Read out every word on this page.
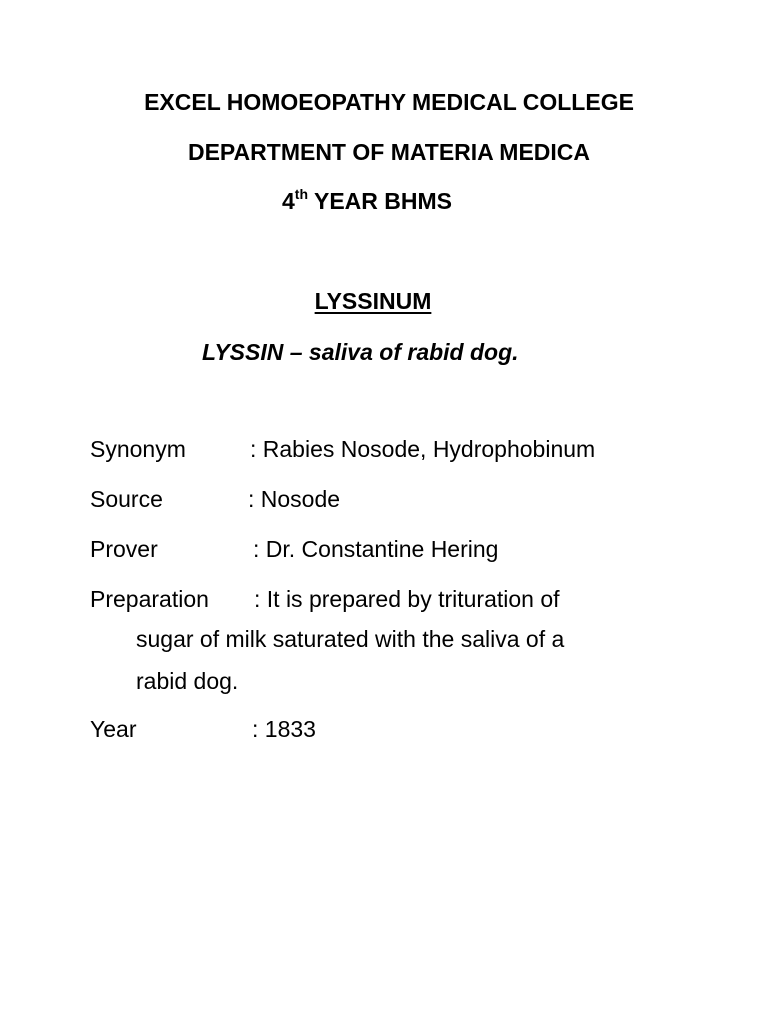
EXCEL HOMOEOPATHY MEDICAL COLLEGE
DEPARTMENT OF MATERIA MEDICA
4th YEAR BHMS
LYSSINUM
LYSSIN – saliva of rabid dog.
Synonym	: Rabies Nosode, Hydrophobinum
Source	: Nosode
Prover	: Dr. Constantine Hering
Preparation : It is prepared by trituration of
sugar of milk saturated with the saliva of a
rabid dog.
Year	: 1833
